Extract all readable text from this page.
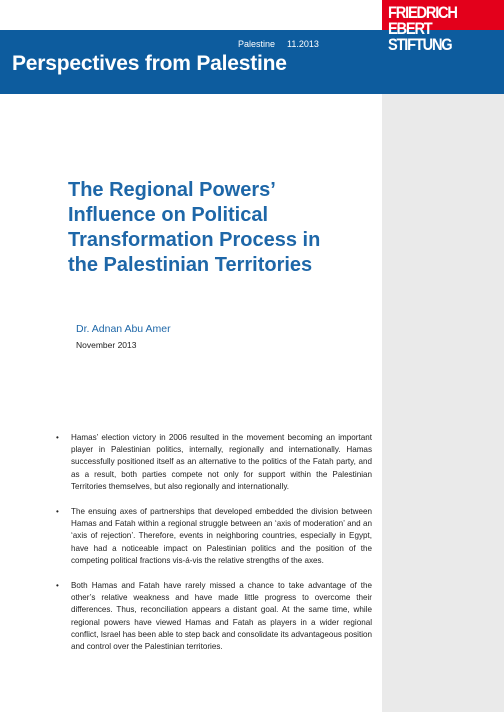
Palestine 11.2013
Perspectives from Palestine
FRIEDRICH
EBERT
STIFTUNG
The Regional Powers’
Influence on Political
Transformation Process in
the Palestinian Territories
Dr. Adnan Abu Amer
November 2013
• Hamas’ election victory in 2006 resulted in the movement becoming an important player in Palestinian politics, internally, regionally and internationally. Hamas successfully positioned itself as an alternative to the politics of the Fatah party, and as a result, both parties compete not only for support within the Palestinian Territories themselves, but also regionally and internationally.
• The ensuing axes of partnerships that developed embedded the division between Hamas and Fatah within a regional struggle between an ‘axis of moderation’ and an ‘axis of rejection’. Therefore, events in neighboring countries, especially in Egypt, have had a noticeable impact on Palestinian politics and the position of the competing political fractions vis-á-vis the relative strengths of the axes.
• Both Hamas and Fatah have rarely missed a chance to take advantage of the other’s relative weakness and have made little progress to overcome their differences. Thus, reconciliation appears a distant goal. At the same time, while regional powers have viewed Hamas and Fatah as players in a wider regional conflict, Israel has been able to step back and consolidate its advantageous position and control over the Palestinian territories.
